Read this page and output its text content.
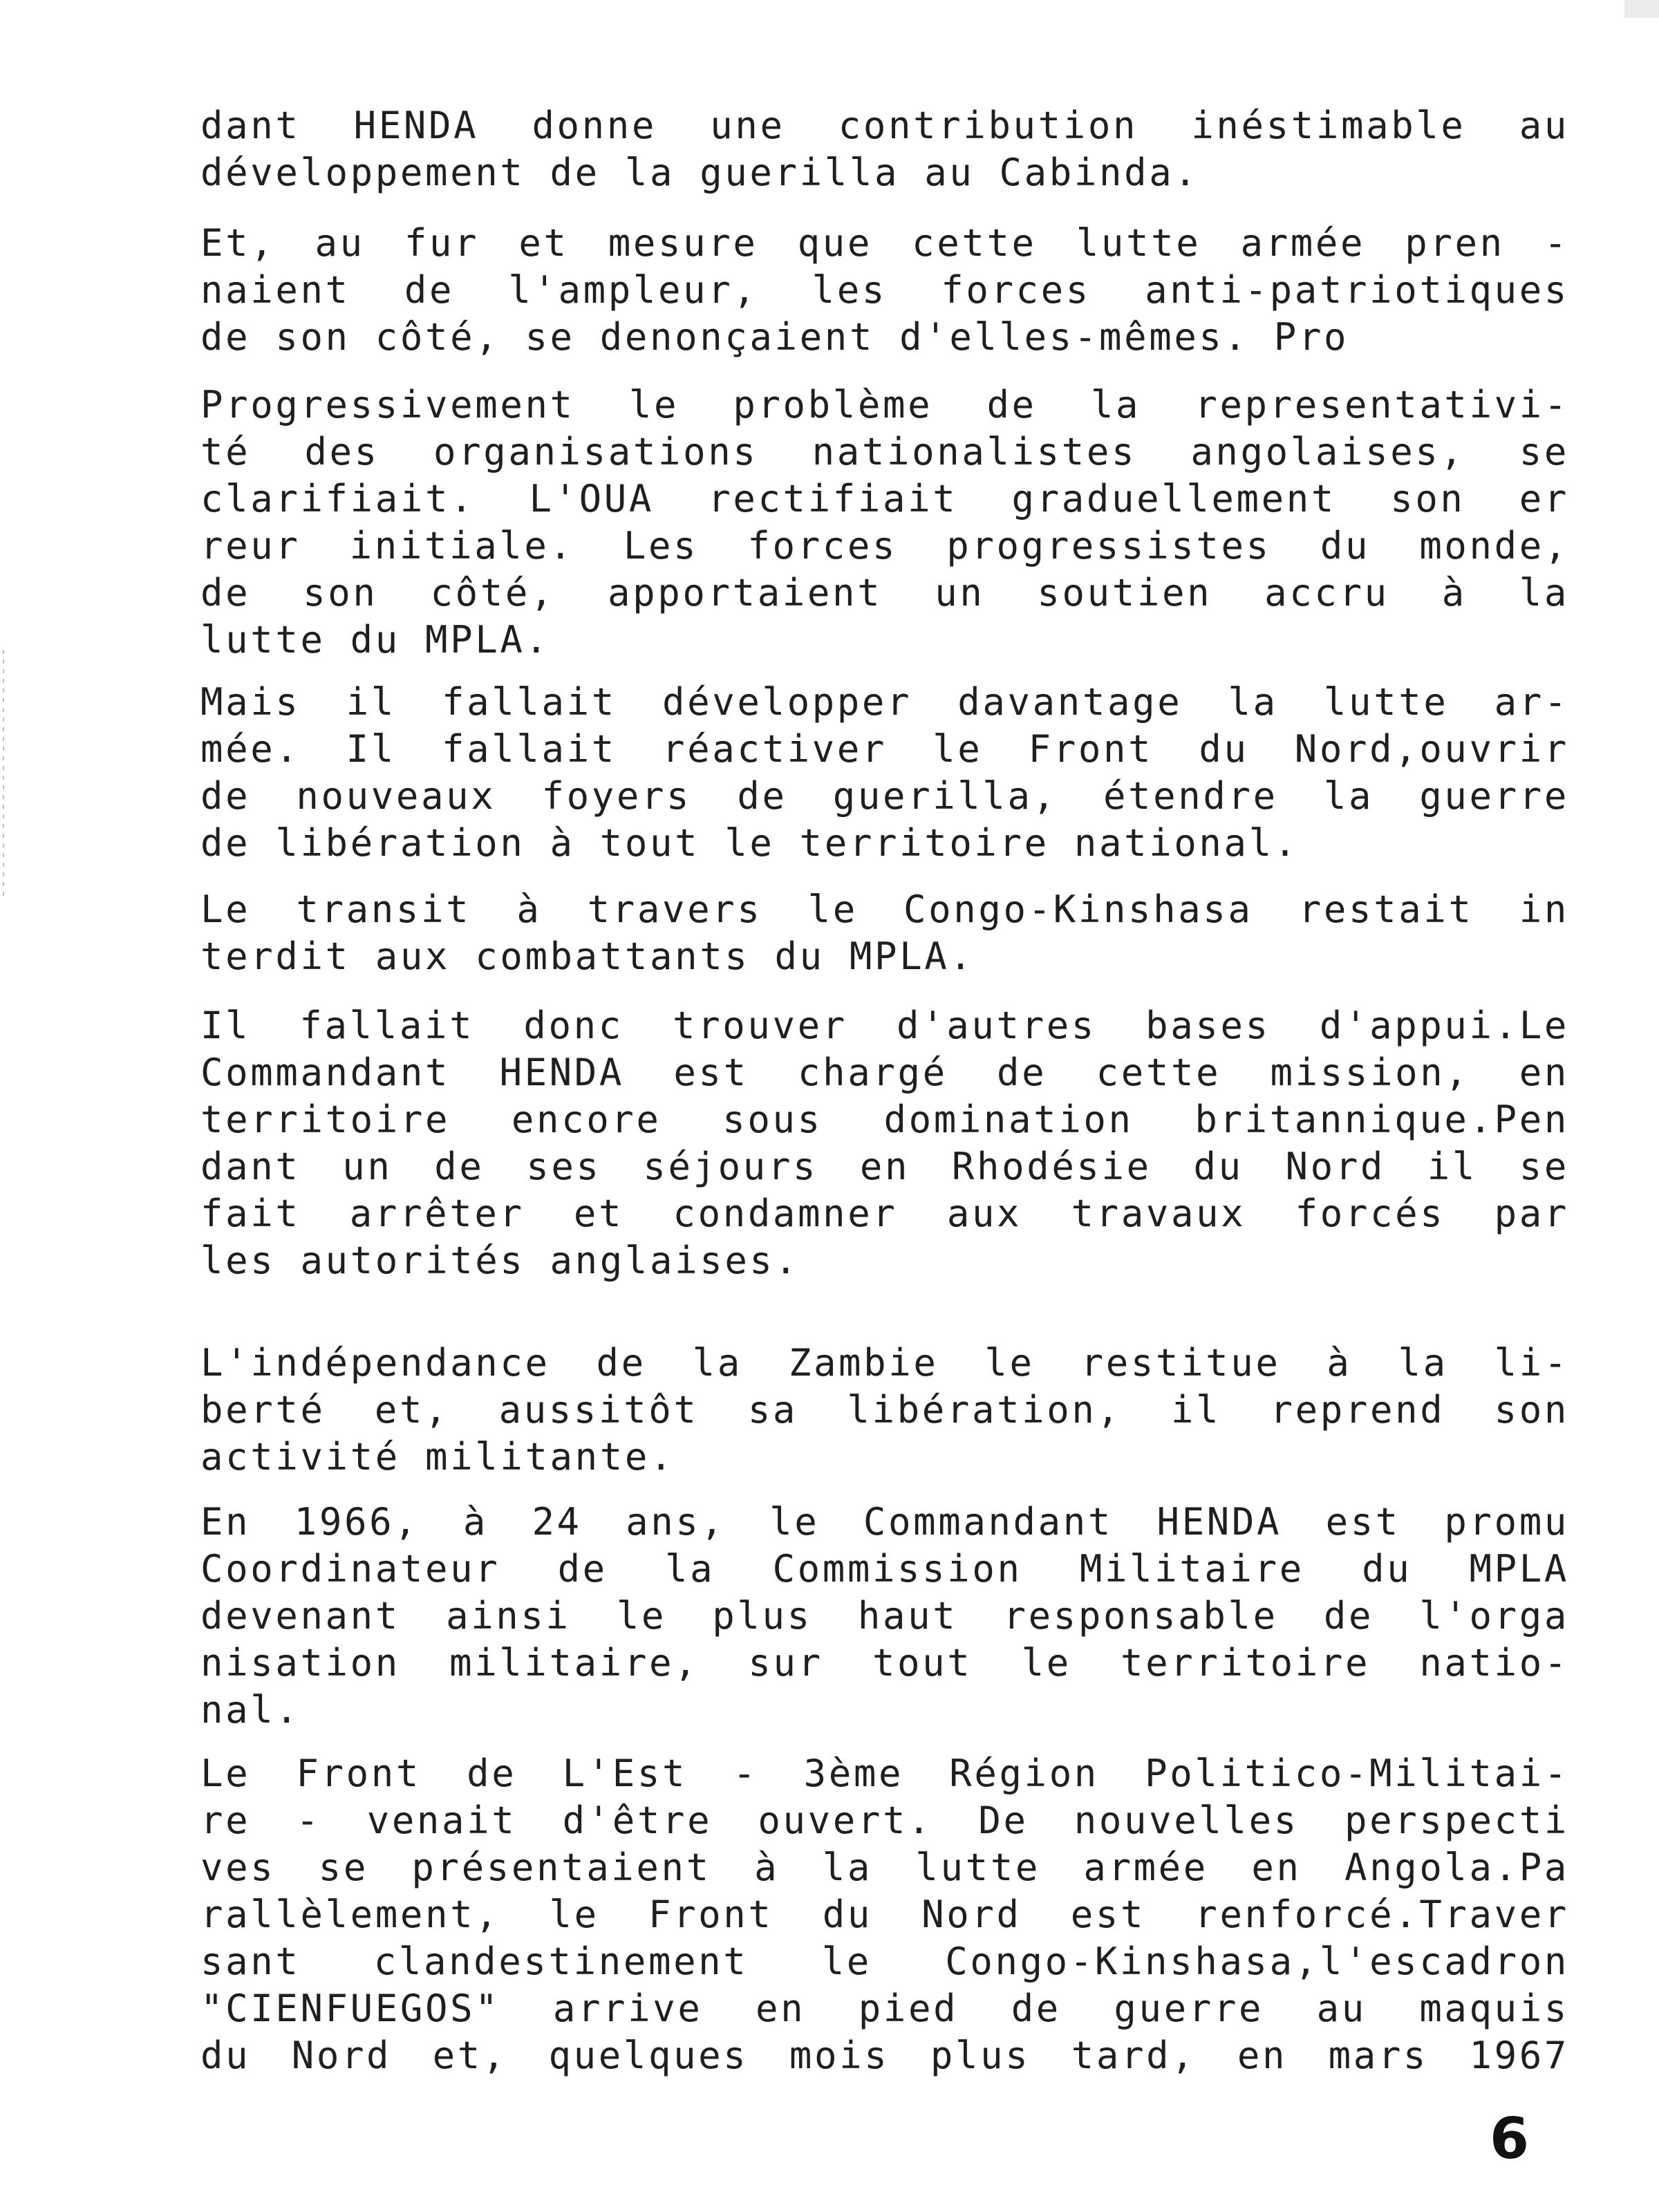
dant HENDA donne une contribution inéstimable au
développement de la guerilla au Cabinda.
Et, au fur et mesure que cette lutte armée pren -
naient de l'ampleur, les forces anti-patriotiques
de son côté, se denonçaient d'elles-mêmes. Pro
Progressivement le problème de la representativi-
té des organisations nationalistes angolaises, se
clarifiait. L'OUA rectifiait graduellement son er
reur initiale. Les forces progressistes du monde,
de son côté, apportaient un soutien accru à la
lutte du MPLA.
Mais il fallait développer davantage la lutte ar-
mée. Il fallait réactiver le Front du Nord,ouvrir
de nouveaux foyers de guerilla, étendre la guerre
de libération à tout le territoire national.
Le transit à travers le Congo-Kinshasa restait in
terdit aux combattants du MPLA.
Il fallait donc trouver d'autres bases d'appui.Le
Commandant HENDA est chargé de cette mission, en
territoire encore sous domination britannique.Pen
dant un de ses séjours en Rhodésie du Nord il se
fait arrêter et condamner aux travaux forcés par
les autorités anglaises.
L'indépendance de la Zambie le restitue à la li-
berté et, aussitôt sa libération, il reprend son
activité militante.
En 1966, à 24 ans, le Commandant HENDA est promu
Coordinateur de la Commission Militaire du MPLA
devenant ainsi le plus haut responsable de l'orga
nisation militaire, sur tout le territoire natio-
nal.
Le Front de L'Est - 3ème Région Politico-Militai-
re - venait d'être ouvert. De nouvelles perspecti
ves se présentaient à la lutte armée en Angola.Pa
rallèlement, le Front du Nord est renforcé.Traver
sant clandestinement le Congo-Kinshasa,l'escadron
"CIENFUEGOS" arrive en pied de guerre au maquis
du Nord et, quelques mois plus tard, en mars 1967
6
